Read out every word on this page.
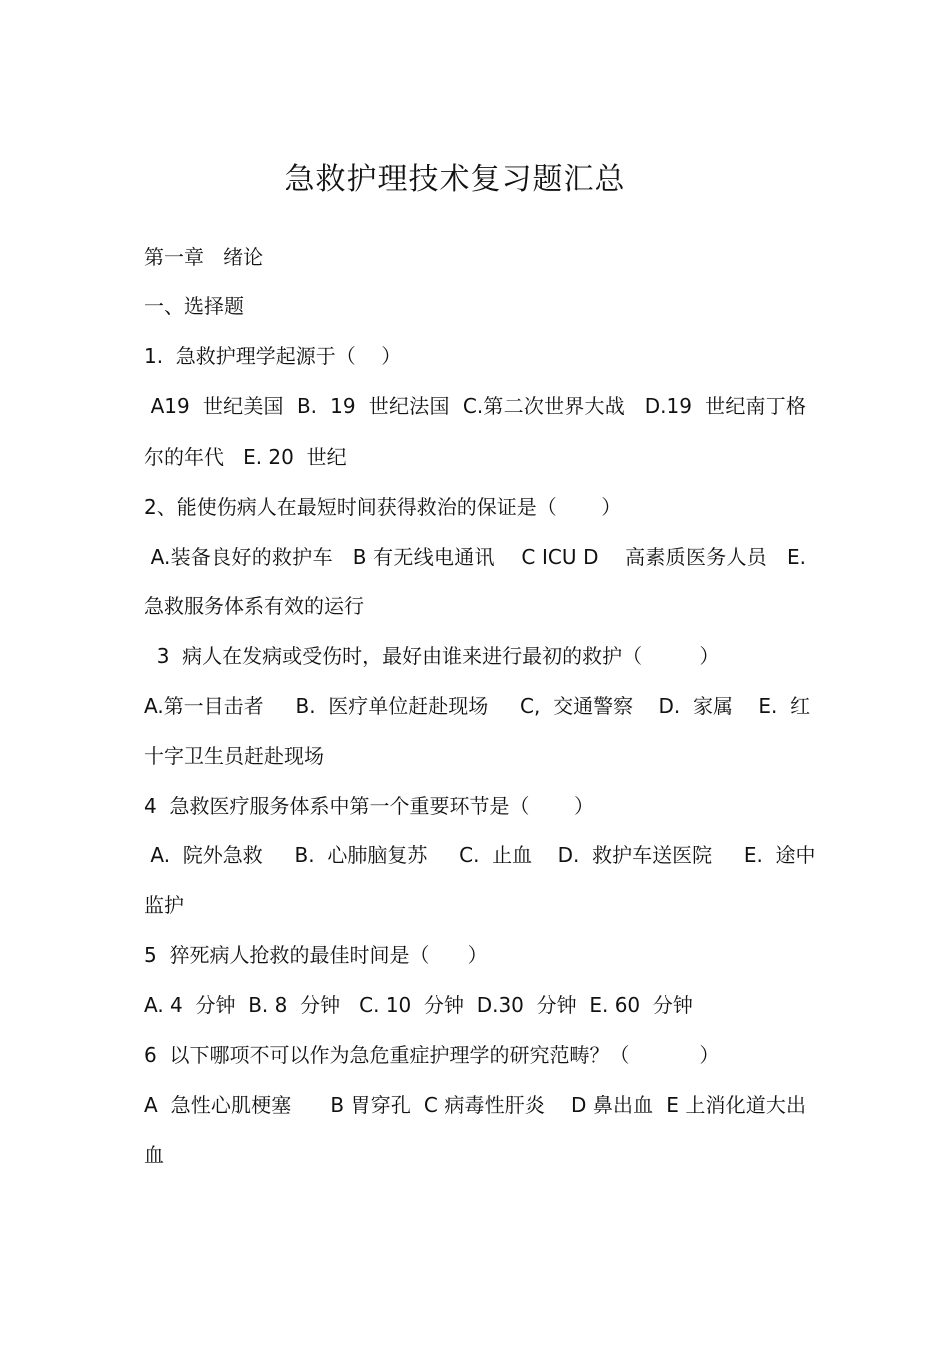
急救护理技术复习题汇总
第一章   绪论
一、选择题
1.  急救护理学起源于（    ）
A19  世纪美国  B.  19  世纪法国  C.第二次世界大战   D.19  世纪南丁格
尔的年代   E. 20  世纪
2、能使伤病人在最短时间获得救治的保证是（       ）
A.装备良好的救护车   B 有无线电通讯    C ICU D    高素质医务人员   E.
急救服务体系有效的运行
3  病人在发病或受伤时，最好由谁来进行最初的救护（         ）
A.第一目击者     B.  医疗单位赶赴现场     C,  交通警察    D.  家属    E.  红
十字卫生员赶赴现场
4  急救医疗服务体系中第一个重要环节是（       ）
A.  院外急救     B.  心肺脑复苏     C.  止血    D.  救护车送医院     E.  途中
监护
5  猝死病人抢救的最佳时间是（      ）
A. 4  分钟  B. 8  分钟   C. 10  分钟  D.30  分钟  E. 60  分钟
6  以下哪项不可以作为急危重症护理学的研究范畴？（           ）
A  急性心肌梗塞      B 胃穿孔  C 病毒性肝炎    D 鼻出血  E 上消化道大出
血
